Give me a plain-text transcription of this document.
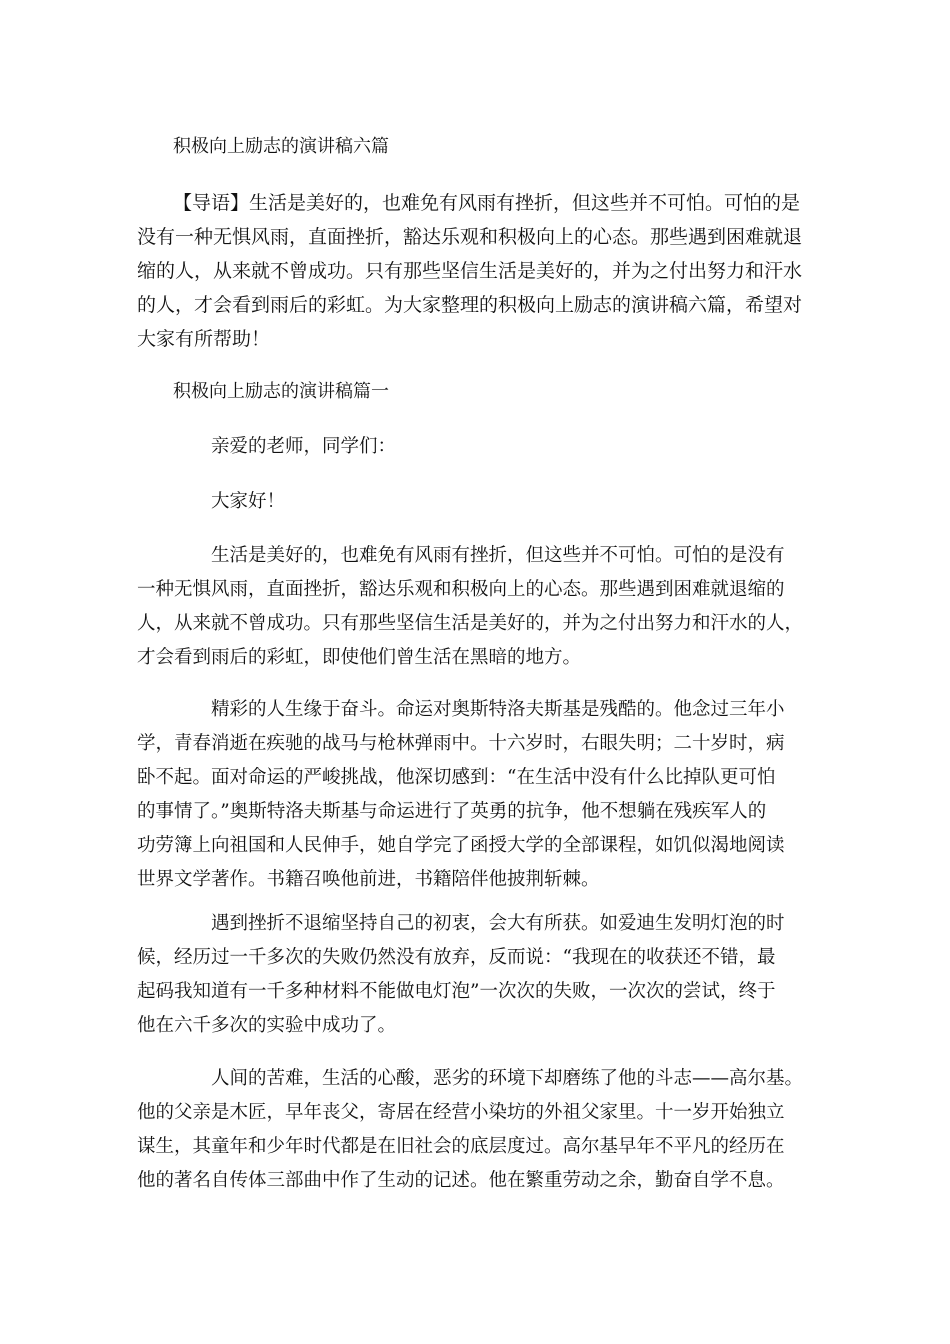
积极向上励志的演讲稿六篇
【导语】生活是美好的，也难免有风雨有挫折，但这些并不可怕。可怕的是
没有一种无惧风雨，直面挫折，豁达乐观和积极向上的心态。那些遇到困难就退
缩的人，从来就不曾成功。只有那些坚信生活是美好的，并为之付出努力和汗水
的人，才会看到雨后的彩虹。为大家整理的积极向上励志的演讲稿六篇，希望对
大家有所帮助！
积极向上励志的演讲稿篇一

亲爱的老师，同学们：

大家好！

生活是美好的，也难免有风雨有挫折，但这些并不可怕。可怕的是没有
一种无惧风雨，直面挫折，豁达乐观和积极向上的心态。那些遇到困难就退缩的
人，从来就不曾成功。只有那些坚信生活是美好的，并为之付出努力和汗水的人，
才会看到雨后的彩虹，即使他们曾生活在黑暗的地方。
精彩的人生缘于奋斗。命运对奥斯特洛夫斯基是残酷的。他念过三年小
学，青春消逝在疾驰的战马与枪林弹雨中。十六岁时，右眼失明；二十岁时，病
卧不起。面对命运的严峻挑战，他深切感到：“在生活中没有什么比掉队更可怕
的事情了。”奥斯特洛夫斯基与命运进行了英勇的抗争，他不想躺在残疾军人的
功劳簿上向祖国和人民伸手，她自学完了函授大学的全部课程，如饥似渴地阅读
世界文学著作。书籍召唤他前进，书籍陪伴他披荆斩棘。
遇到挫折不退缩坚持自己的初衷，会大有所获。如爱迪生发明灯泡的时
候，经历过一千多次的失败仍然没有放弃，反而说：“我现在的收获还不错，最
起码我知道有一千多种材料不能做电灯泡”一次次的失败，一次次的尝试，终于
他在六千多次的实验中成功了。
人间的苦难，生活的心酸，恶劣的环境下却磨练了他的斗志——高尔基。
他的父亲是木匠，早年丧父，寄居在经营小染坊的外祖父家里。十一岁开始独立
谋生，其童年和少年时代都是在旧社会的底层度过。高尔基早年不平凡的经历在
他的著名自传体三部曲中作了生动的记述。他在繁重劳动之余，勤奋自学不息。
